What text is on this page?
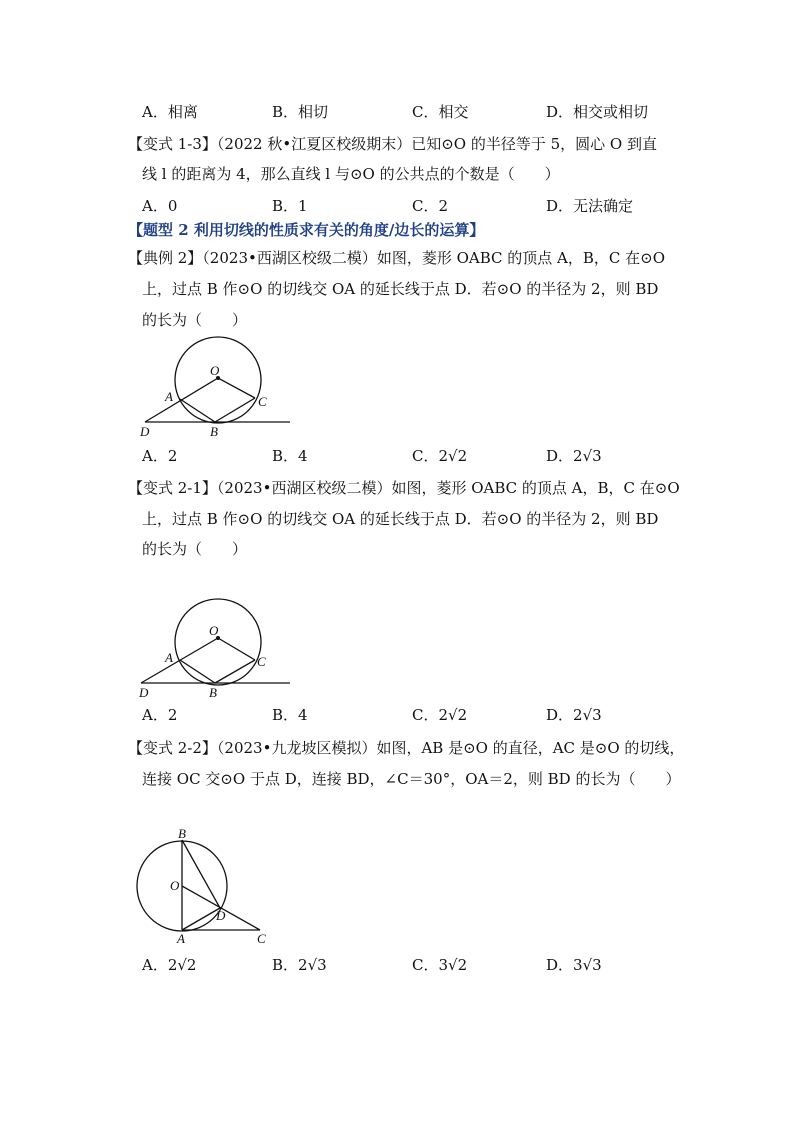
A．相离	B．相切	C．相交	D．相交或相切
【变式 1-3】（2022 秋•江夏区校级期末）已知⊙O 的半径等于 5，圆心 O 到直
线 l 的距离为 4，那么直线 l 与⊙O 的公共点的个数是（　　）
A．0	B．1	C．2	D．无法确定
【题型 2 利用切线的性质求有关的角度/边长的运算】
【典例 2】（2023•西湖区校级二模）如图，菱形 OABC 的顶点 A，B，C 在⊙O
上，过点 B 作⊙O 的切线交 OA 的延长线于点 D．若⊙O 的半径为 2，则 BD
的长为（　　）
O
A	C
D	B
A．2	B．4	C．2√2	D．2√3
【变式 2-1】（2023•西湖区校级二模）如图，菱形 OABC 的顶点 A，B，C 在⊙O
上，过点 B 作⊙O 的切线交 OA 的延长线于点 D．若⊙O 的半径为 2，则 BD
的长为（　　）
O
A	C
D	B
A．2	B．4	C．2√2	D．2√3
【变式 2-2】（2023•九龙坡区模拟）如图，AB 是⊙O 的直径，AC 是⊙O 的切线，
连接 OC 交⊙O 于点 D，连接 BD，∠C＝30°，OA＝2，则 BD 的长为（　　）
B
O
D
A	C
A．2√2	B．2√3	C．3√2	D．3√3
